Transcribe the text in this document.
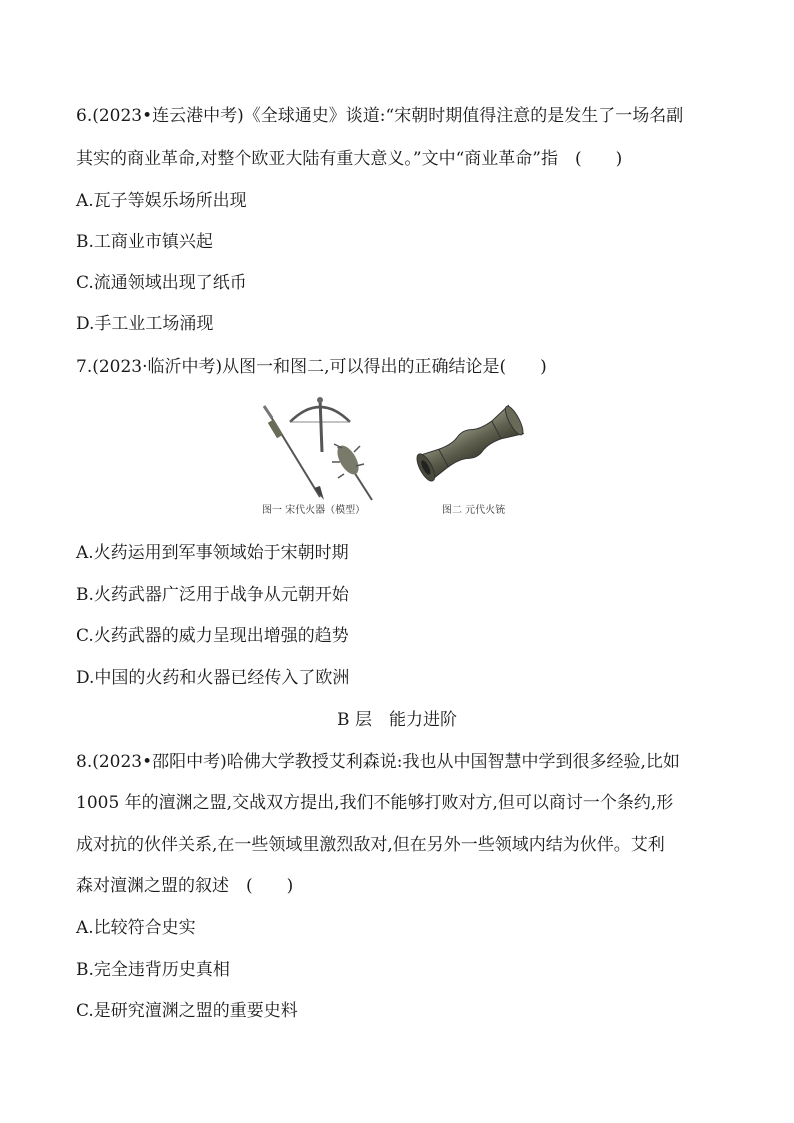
6.(2023•连云港中考)《全球通史》谈道:“宋朝时期值得注意的是发生了一场名副
其实的商业革命,对整个欧亚大陆有重大意义。”文中“商业革命”指　(　　)
A.瓦子等娱乐场所出现
B.工商业市镇兴起
C.流通领域出现了纸币
D.手工业工场涌现
7.(2023·临沂中考)从图一和图二,可以得出的正确结论是(　　)
图一 宋代火器（模型）	图二 元代火铳
A.火药运用到军事领域始于宋朝时期
B.火药武器广泛用于战争从元朝开始
C.火药武器的威力呈现出增强的趋势
D.中国的火药和火器已经传入了欧洲
B 层　能力进阶
8.(2023•邵阳中考)哈佛大学教授艾利森说:我也从中国智慧中学到很多经验,比如
1005 年的澶渊之盟,交战双方提出,我们不能够打败对方,但可以商讨一个条约,形
成对抗的伙伴关系,在一些领域里激烈敌对,但在另外一些领域内结为伙伴。艾利
森对澶渊之盟的叙述　(　　)
A.比较符合史实
B.完全违背历史真相
C.是研究澶渊之盟的重要史料
